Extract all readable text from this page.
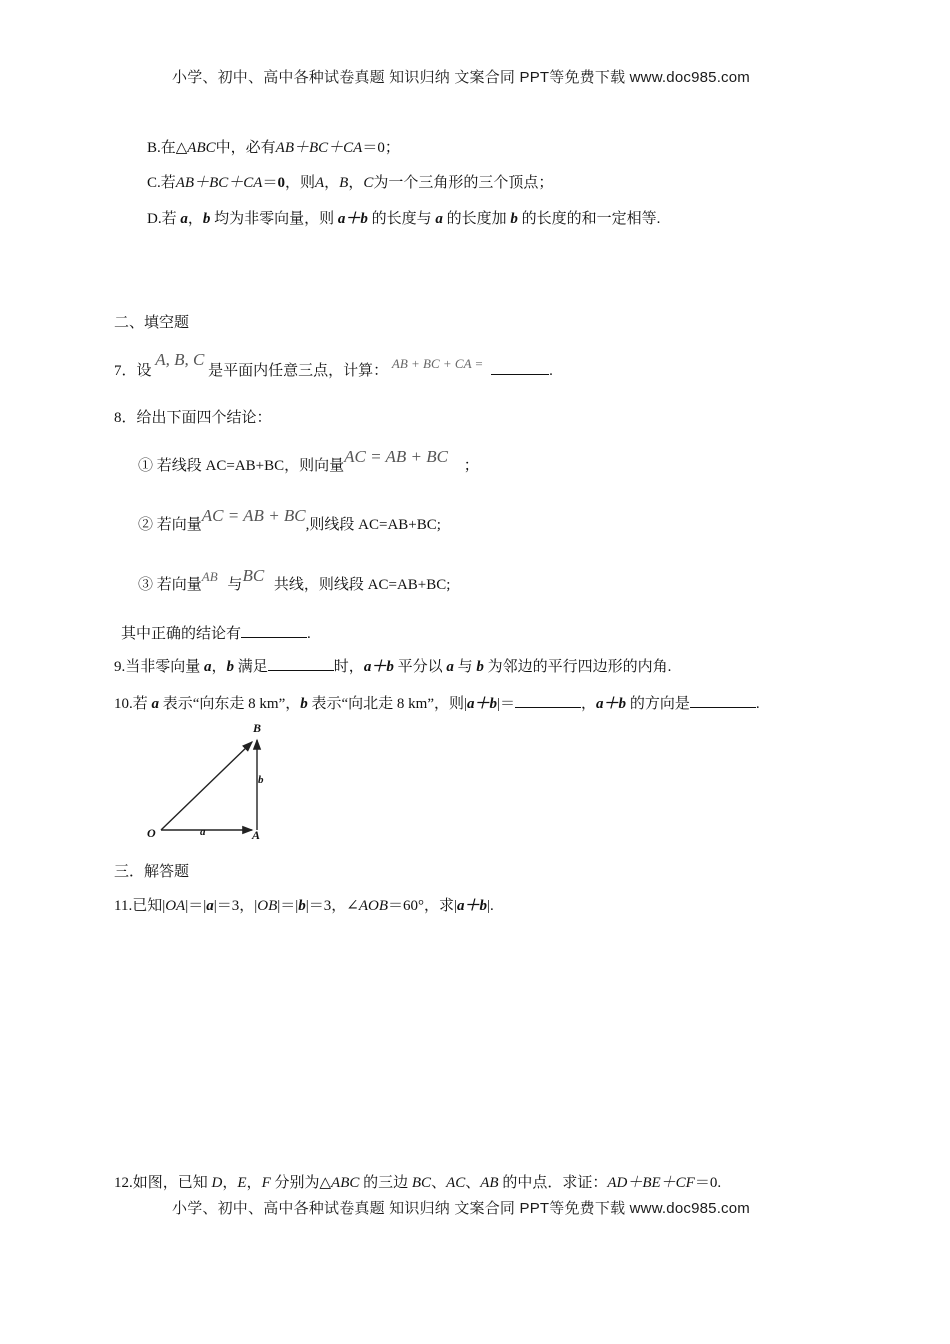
小学、初中、高中各种试卷真题 知识归纳 文案合同 PPT等免费下载 www.doc985.com
B.在△ABC中，必有AB＋BC＋CA＝0；
C.若AB＋BC＋CA＝0，则A，B，C为一个三角形的三个顶点；
D.若 a，b 均为非零向量，则 a＋b 的长度与 a 的长度加 b 的长度的和一定相等.
二、填空题
7．设 A, B, C 是平面内任意三点，计算： AB + BC + CA =	.
8．给出下面四个结论：
① 若线段 AC=AB+BC，则向量AC = AB + BC ；
② 若向量AC = AB + BC,则线段 AC=AB+BC;
③ 若向量AB 与BC 共线，则线段 AC=AB+BC;
其中正确的结论有	.
9.当非零向量 a，b 满足	时，a＋b 平分以 a 与 b 为邻边的平行四边形的内角.
10.若 a 表示“向东走 8 km”，b 表示“向北走 8 km”，则|a＋b|＝	，a＋b 的方向是	.
O	A
B
a
b
三．解答题
11.已知|OA|＝|a|＝3，|OB|＝|b|＝3，∠AOB＝60°，求|a＋b|.
12.如图，已知 D，E，F 分别为△ABC 的三边 BC、AC、AB 的中点．求证：AD＋BE＋CF＝0.
小学、初中、高中各种试卷真题 知识归纳 文案合同 PPT等免费下载 www.doc985.com
